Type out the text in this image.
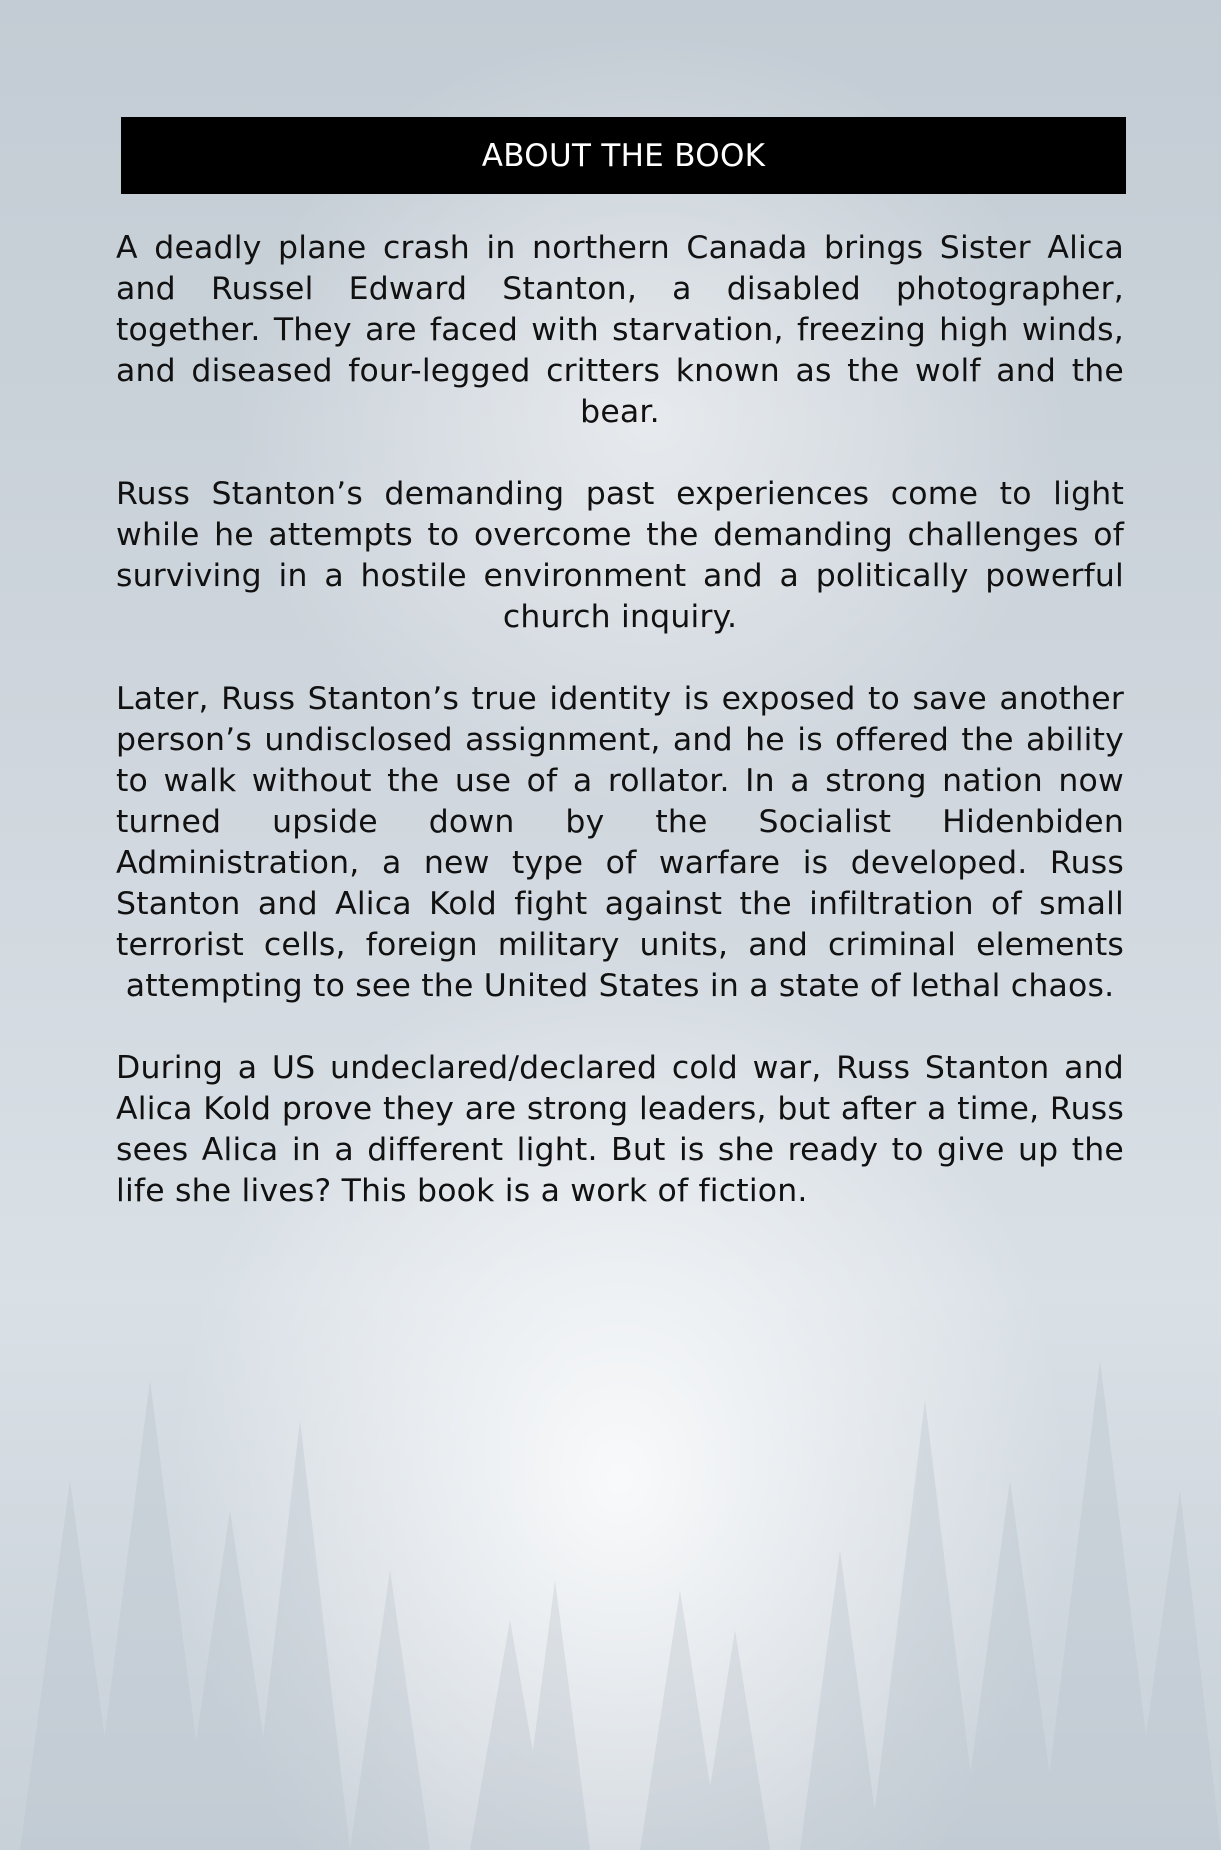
ABOUT THE BOOK

A deadly plane crash in northern Canada brings Sister Alica and Russel Edward Stanton, a disabled photographer, together. They are faced with starvation, freezing high winds, and diseased four-legged critters known as the wolf and the bear.

Russ Stanton’s demanding past experiences come to light while he attempts to overcome the demanding challenges of surviving in a hostile environment and a politically powerful church inquiry.

Later, Russ Stanton’s true identity is exposed to save another person’s undisclosed assignment, and he is offered the ability to walk without the use of a rollator. In a strong nation now turned upside down by the Socialist Hidenbiden Administration, a new type of warfare is developed. Russ Stanton and Alica Kold fight against the infiltration of small terrorist cells, foreign military units, and criminal elements attempting to see the United States in a state of lethal chaos.

During a US undeclared/declared cold war, Russ Stanton and Alica Kold prove they are strong leaders, but after a time, Russ sees Alica in a different light. But is she ready to give up the life she lives? This book is a work of fiction.
